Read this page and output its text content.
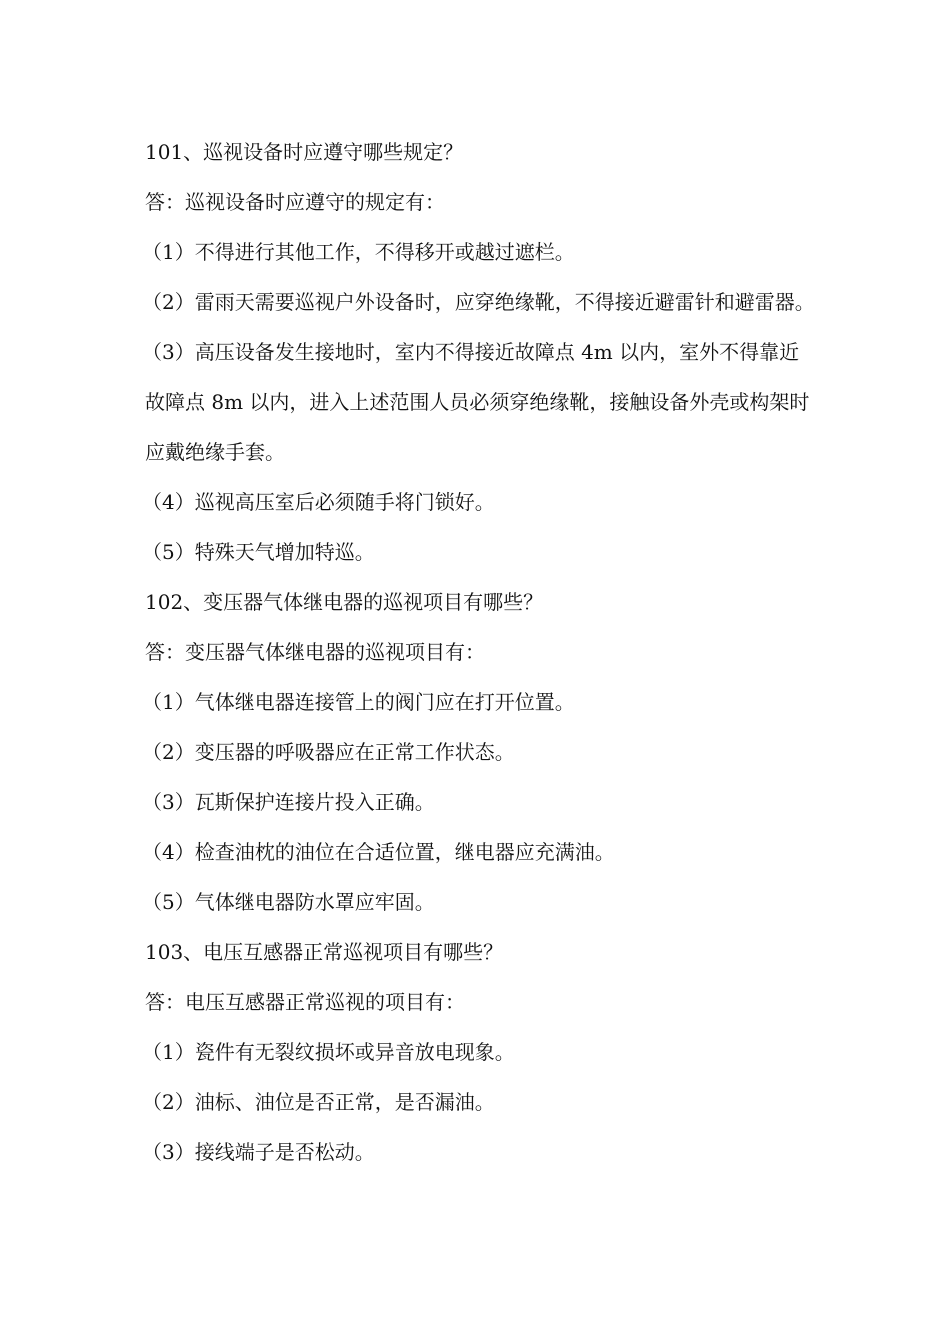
101、巡视设备时应遵守哪些规定？

答：巡视设备时应遵守的规定有：

（1）不得进行其他工作，不得移开或越过遮栏。

（2）雷雨天需要巡视户外设备时，应穿绝缘靴，不得接近避雷针和避雷器。

（3）高压设备发生接地时，室内不得接近故障点 4m 以内，室外不得靠近故障点 8m 以内，进入上述范围人员必须穿绝缘靴，接触设备外壳或构架时应戴绝缘手套。

（4）巡视高压室后必须随手将门锁好。

（5）特殊天气增加特巡。

102、变压器气体继电器的巡视项目有哪些？

答：变压器气体继电器的巡视项目有：

（1）气体继电器连接管上的阀门应在打开位置。

（2）变压器的呼吸器应在正常工作状态。

（3）瓦斯保护连接片投入正确。

（4）检查油枕的油位在合适位置，继电器应充满油。

（5）气体继电器防水罩应牢固。

103、电压互感器正常巡视项目有哪些？

答：电压互感器正常巡视的项目有：

（1）瓷件有无裂纹损坏或异音放电现象。

（2）油标、油位是否正常，是否漏油。

（3）接线端子是否松动。
